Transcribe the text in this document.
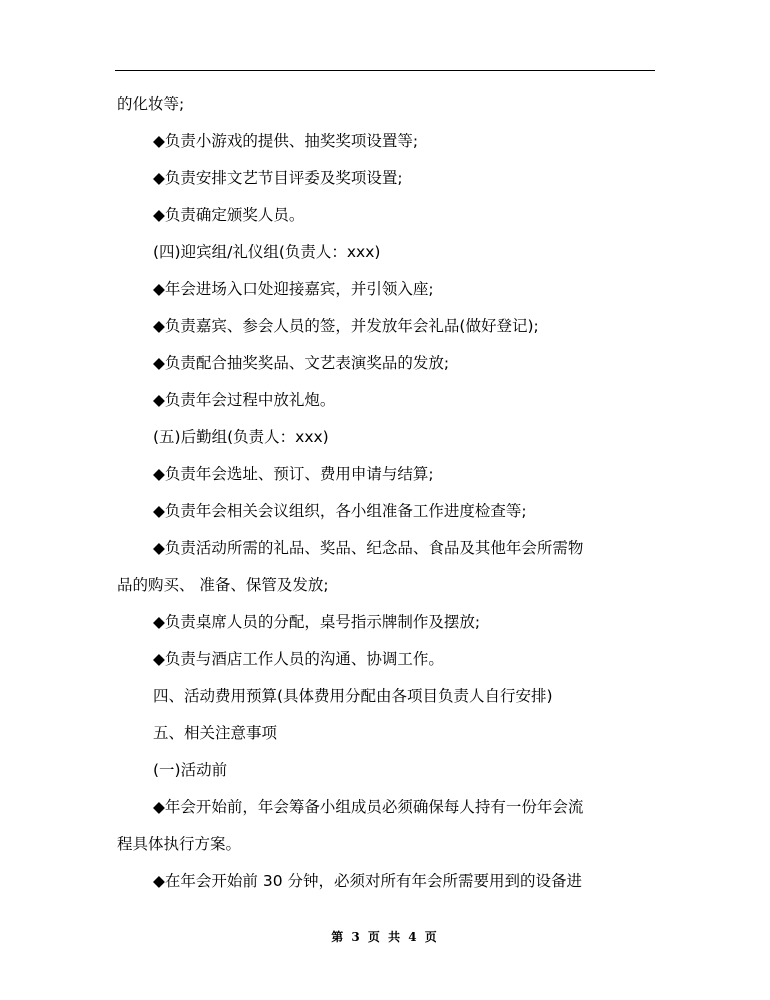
的化妆等;
◆负责小游戏的提供、抽奖奖项设置等;
◆负责安排文艺节目评委及奖项设置;
◆负责确定颁奖人员。
(四)迎宾组/礼仪组(负责人：xxx)
◆年会进场入口处迎接嘉宾，并引领入座;
◆负责嘉宾、参会人员的签，并发放年会礼品(做好登记);
◆负责配合抽奖奖品、文艺表演奖品的发放;
◆负责年会过程中放礼炮。
(五)后勤组(负责人：xxx)
◆负责年会选址、预订、费用申请与结算;
◆负责年会相关会议组织，各小组准备工作进度检查等;
◆负责活动所需的礼品、奖品、纪念品、食品及其他年会所需物
品的购买、 准备、保管及发放;
◆负责桌席人员的分配，桌号指示牌制作及摆放;
◆负责与酒店工作人员的沟通、协调工作。
四、活动费用预算(具体费用分配由各项目负责人自行安排)
五、相关注意事项
(一)活动前
◆年会开始前，年会筹备小组成员必须确保每人持有一份年会流
程具体执行方案。
◆在年会开始前 30 分钟，必须对所有年会所需要用到的设备进
第 3 页 共 4 页
